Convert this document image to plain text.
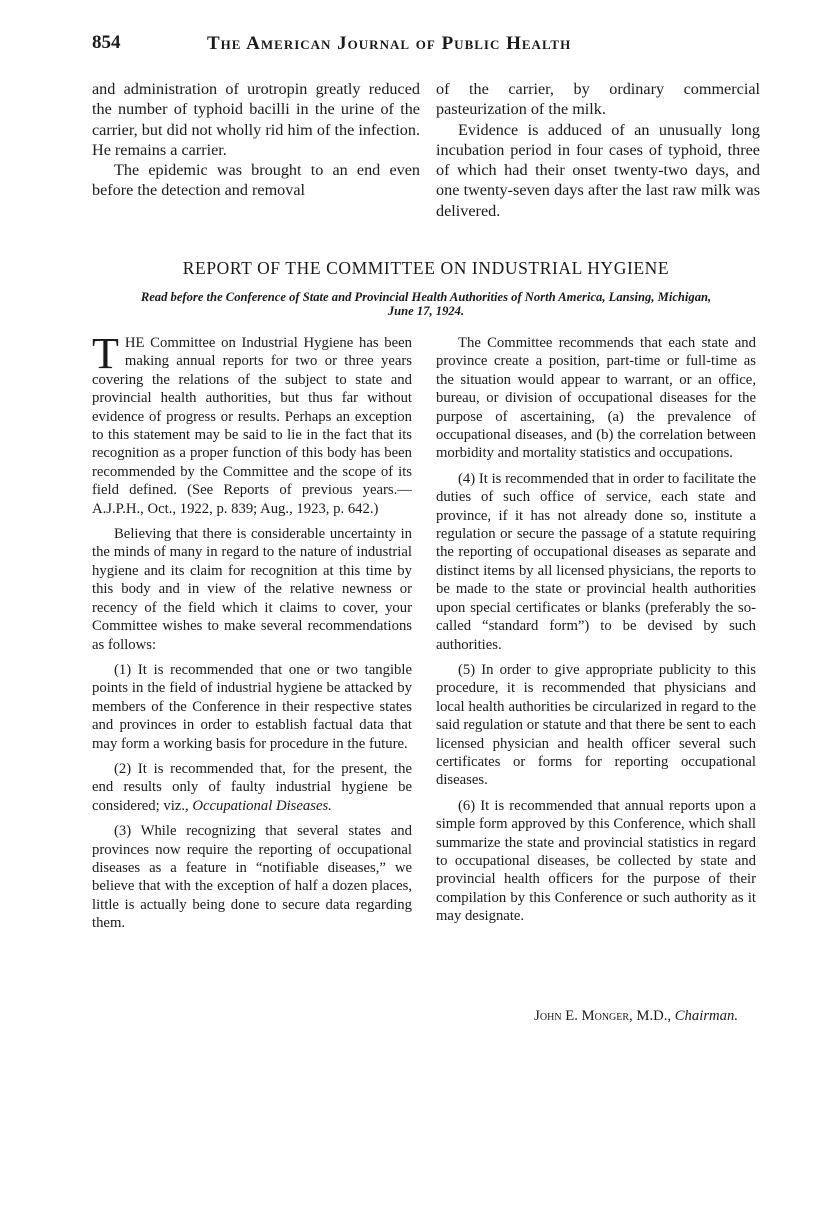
854	The American Journal of Public Health

and administration of urotropin greatly reduced the number of typhoid bacilli in the urine of the carrier, but did not wholly rid him of the infection. He remains a carrier.

The epidemic was brought to an end even before the detection and removal

of the carrier, by ordinary commercial pasteurization of the milk.

Evidence is adduced of an unusually long incubation period in four cases of typhoid, three of which had their onset twenty-two days, and one twenty-seven days after the last raw milk was delivered.

REPORT OF THE COMMITTEE ON INDUSTRIAL HYGIENE
Read before the Conference of State and Provincial Health Authorities of North America, Lansing, Michigan, June 17, 1924.

THE Committee on Industrial Hygiene has been making annual reports for two or three years covering the relations of the subject to state and provincial health authorities, but thus far without evidence of progress or results. Perhaps an exception to this statement may be said to lie in the fact that its recognition as a proper function of this body has been recommended by the Committee and the scope of its field defined. (See Reports of previous years.—A.J.P.H., Oct., 1922, p. 839; Aug., 1923, p. 642.)

Believing that there is considerable uncertainty in the minds of many in regard to the nature of industrial hygiene and its claim for recognition at this time by this body and in view of the relative newness or recency of the field which it claims to cover, your Committee wishes to make several recommendations as follows:

(1) It is recommended that one or two tangible points in the field of industrial hygiene be attacked by members of the Conference in their respective states and provinces in order to establish factual data that may form a working basis for procedure in the future.

(2) It is recommended that, for the present, the end results only of faulty industrial hygiene be considered; viz., Occupational Diseases.

(3) While recognizing that several states and provinces now require the reporting of occupational diseases as a feature in “notifiable diseases,” we believe that with the exception of half a dozen places, little is actually being done to secure data regarding them.

The Committee recommends that each state and province create a position, part-time or full-time as the situation would appear to warrant, or an office, bureau, or division of occupational diseases for the purpose of ascertaining, (a) the prevalence of occupational diseases, and (b) the correlation between morbidity and mortality statistics and occupations.

(4) It is recommended that in order to facilitate the duties of such office of service, each state and province, if it has not already done so, institute a regulation or secure the passage of a statute requiring the reporting of occupational diseases as separate and distinct items by all licensed physicians, the reports to be made to the state or provincial health authorities upon special certificates or blanks (preferably the so-called “standard form”) to be devised by such authorities.

(5) In order to give appropriate publicity to this procedure, it is recommended that physicians and local health authorities be circularized in regard to the said regulation or statute and that there be sent to each licensed physician and health officer several such certificates or forms for reporting occupational diseases.

(6) It is recommended that annual reports upon a simple form approved by this Conference, which shall summarize the state and provincial statistics in regard to occupational diseases, be collected by state and provincial health officers for the purpose of their compilation by this Conference or such authority as it may designate.

John E. Monger, M.D., Chairman.
